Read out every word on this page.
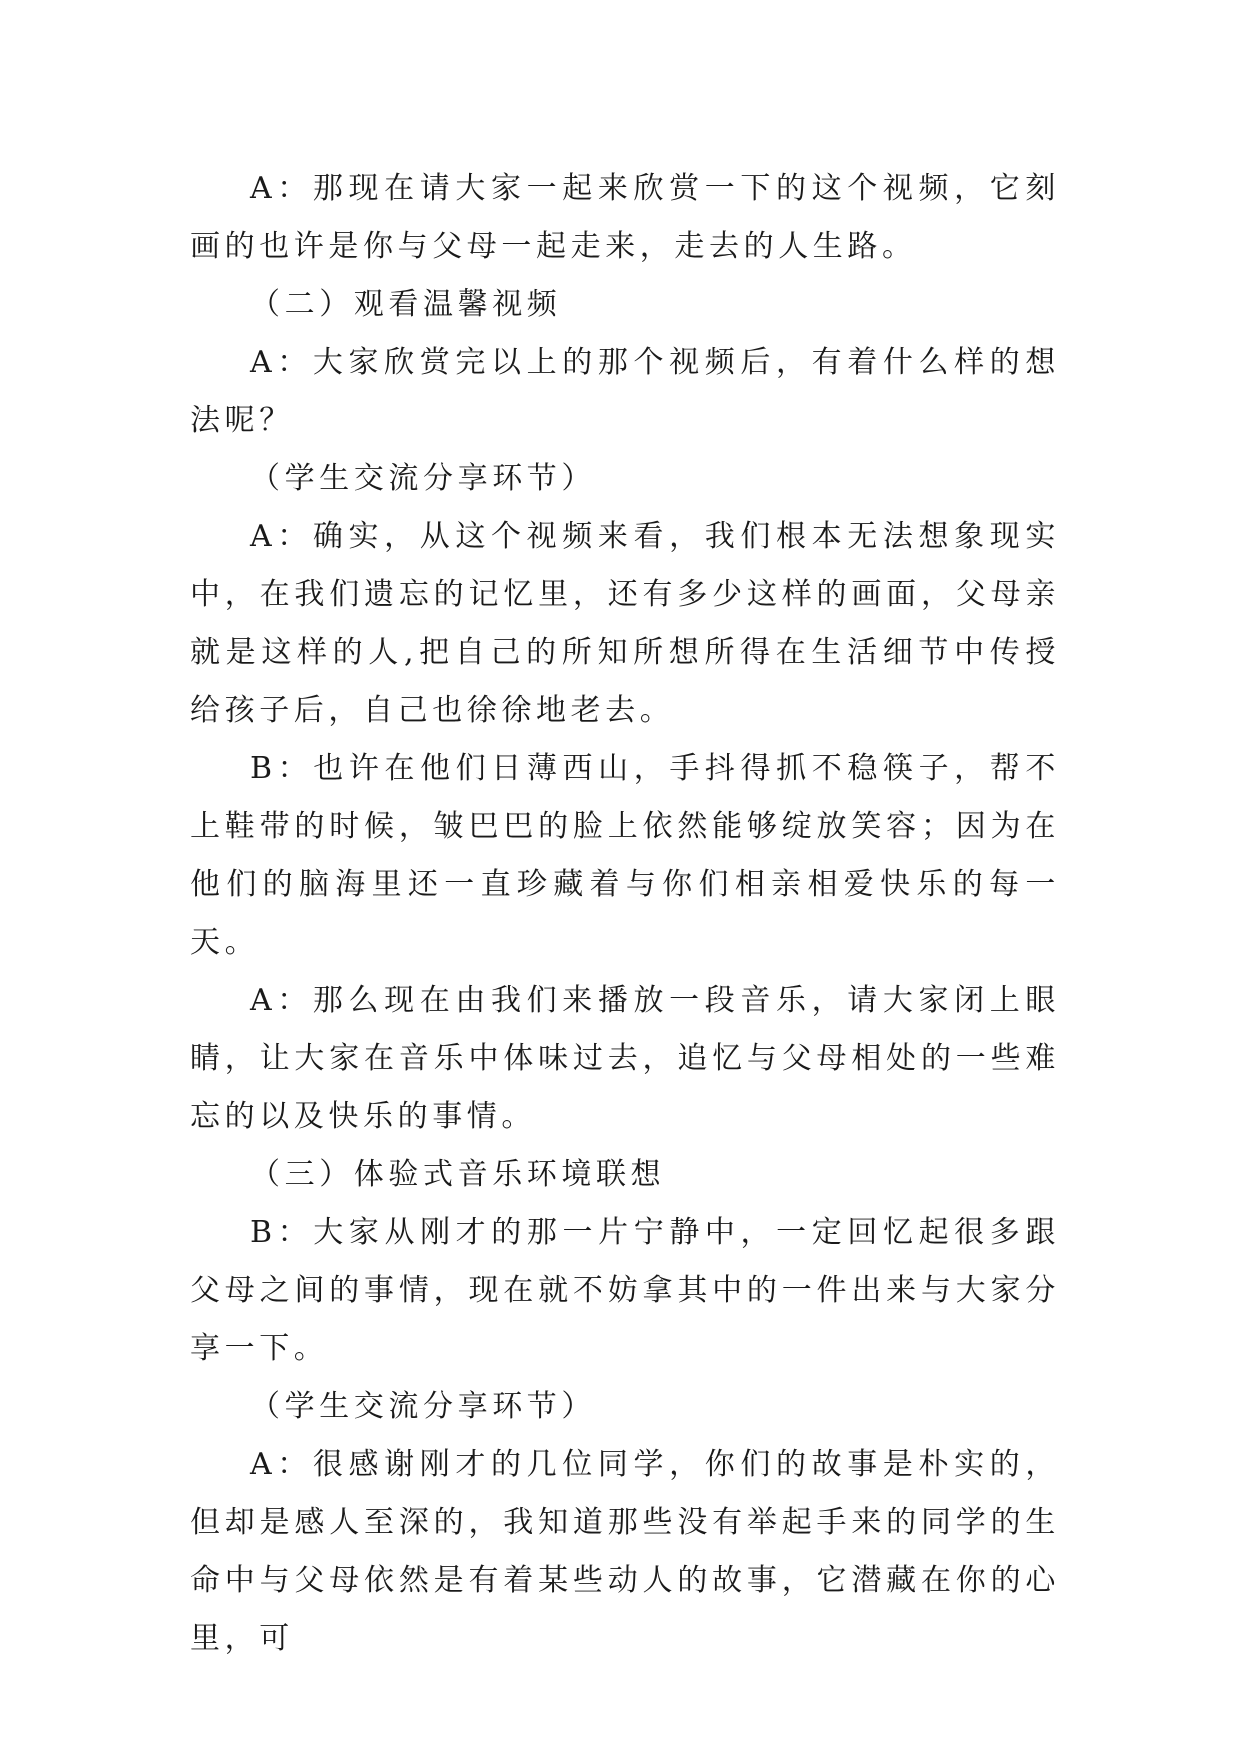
A：那现在请大家一起来欣赏一下的这个视频，它刻画的也许是你与父母一起走来，走去的人生路。

（二）观看温馨视频

A：大家欣赏完以上的那个视频后，有着什么样的想法呢？

（学生交流分享环节）

A：确实，从这个视频来看，我们根本无法想象现实中，在我们遗忘的记忆里，还有多少这样的画面，父母亲就是这样的人,把自己的所知所想所得在生活细节中传授给孩子后，自己也徐徐地老去。

B：也许在他们日薄西山，手抖得抓不稳筷子，帮不上鞋带的时候，皱巴巴的脸上依然能够绽放笑容；因为在他们的脑海里还一直珍藏着与你们相亲相爱快乐的每一天。

A：那么现在由我们来播放一段音乐，请大家闭上眼睛，让大家在音乐中体味过去，追忆与父母相处的一些难忘的以及快乐的事情。

（三）体验式音乐环境联想

B：大家从刚才的那一片宁静中，一定回忆起很多跟父母之间的事情，现在就不妨拿其中的一件出来与大家分享一下。

（学生交流分享环节）

A：很感谢刚才的几位同学，你们的故事是朴实的，但却是感人至深的，我知道那些没有举起手来的同学的生命中与父母依然是有着某些动人的故事，它潜藏在你的心里，可
